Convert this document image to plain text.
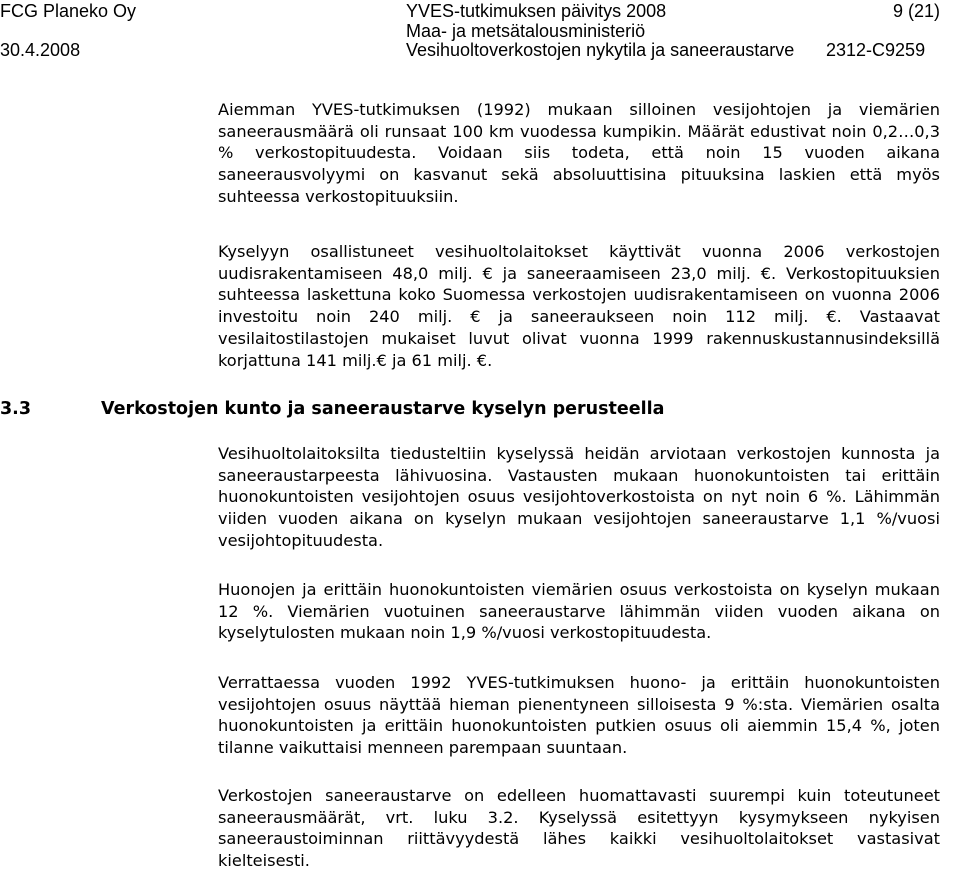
FCG Planeko Oy
30.4.2008
YVES-tutkimuksen päivitys 2008
Maa- ja metsätalousministeriö
Vesihuoltoverkostojen nykytila ja saneeraustarve
9 (21)
2312-C9259

Aiemman YVES-tutkimuksen (1992) mukaan silloinen vesijohtojen ja viemärien saneerausmäärä oli runsaat 100 km vuodessa kumpikin. Määrät edustivat noin 0,2…0,3 % verkostopituudesta. Voidaan siis todeta, että noin 15 vuoden aikana saneerausvolyymi on kasvanut sekä absoluuttisina pituuksina laskien että myös suhteessa verkostopituuksiin.

Kyselyyn osallistuneet vesihuoltolaitokset käyttivät vuonna 2006 verkostojen uudisrakentamiseen 48,0 milj. € ja saneeraamiseen 23,0 milj. €. Verkostopituuksien suhteessa laskettuna koko Suomessa verkostojen uudisrakentamiseen on vuonna 2006 investoitu noin 240 milj. € ja saneeraukseen noin 112 milj. €. Vastaavat vesilaitostilastojen mukaiset luvut olivat vuonna 1999 rakennuskustannusindeksillä korjattuna 141 milj.€ ja 61 milj. €.

3.3	Verkostojen kunto ja saneeraustarve kyselyn perusteella

Vesihuoltolaitoksilta tiedusteltiin kyselyssä heidän arviotaan verkostojen kunnosta ja saneeraustarpeesta lähivuosina. Vastausten mukaan huonokuntoisten tai erittäin huonokuntoisten vesijohtojen osuus vesijohtoverkostoista on nyt noin 6 %. Lähimmän viiden vuoden aikana on kyselyn mukaan vesijohtojen saneeraustarve 1,1 %/vuosi vesijohtopituudesta.

Huonojen ja erittäin huonokuntoisten viemärien osuus verkostoista on kyselyn mukaan 12 %. Viemärien vuotuinen saneeraustarve lähimmän viiden vuoden aikana on kyselytulosten mukaan noin 1,9 %/vuosi verkostopituudesta.

Verrattaessa vuoden 1992 YVES-tutkimuksen huono- ja erittäin huonokuntoisten vesijohtojen osuus näyttää hieman pienentyneen silloisesta 9 %:sta. Viemärien osalta huonokuntoisten ja erittäin huonokuntoisten putkien osuus oli aiemmin 15,4 %, joten tilanne vaikuttaisi menneen parempaan suuntaan.

Verkostojen saneeraustarve on edelleen huomattavasti suurempi kuin toteutuneet saneerausmäärät, vrt. luku 3.2. Kyselyssä esitettyyn kysymykseen nykyisen saneeraustoiminnan riittävyydestä lähes kaikki vesihuoltolaitokset vastasivat kielteisesti.
